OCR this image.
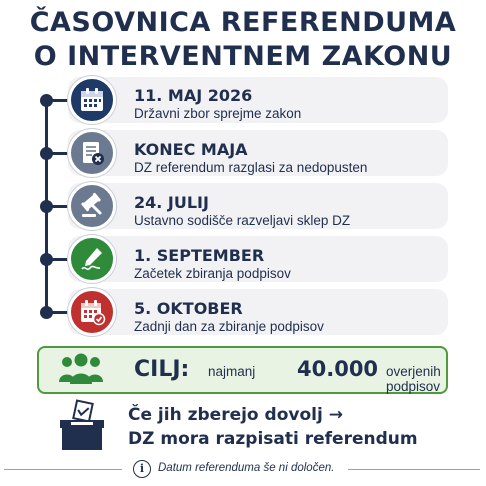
ČASOVNICA REFERENDUMA
O INTERVENTNEM ZAKONU
11. MAJ 2026
Državni zbor sprejme zakon
KONEC MAJA
DZ referendum razglasi za nedopusten
24. JULIJ
Ustavno sodišče razveljavi sklep DZ
1. SEPTEMBER
Začetek zbiranja podpisov
5. OKTOBER
Zadnji dan za zbiranje podpisov
CILJ: najmanj 40.000 overjenih podpisov
Če jih zberejo dovolj →
DZ mora razpisati referendum
i	Datum referenduma še ni določen.
